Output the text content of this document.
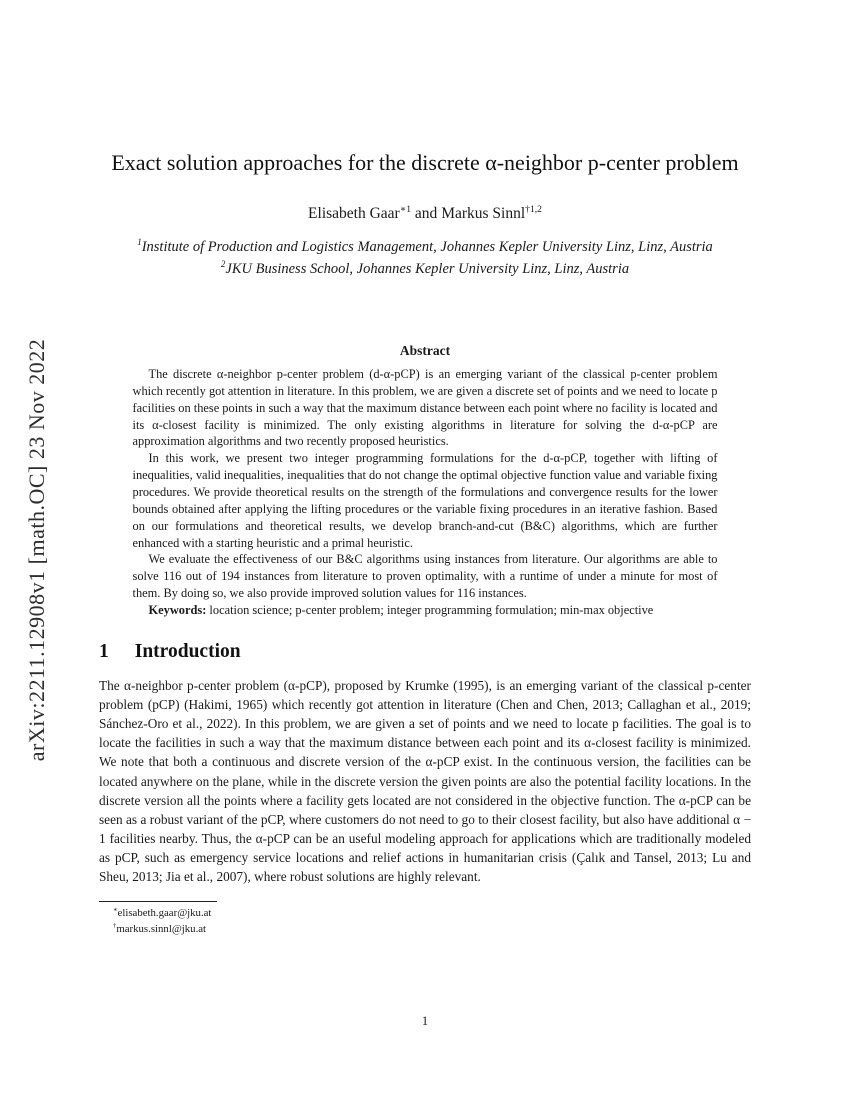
arXiv:2211.12908v1 [math.OC] 23 Nov 2022
Exact solution approaches for the discrete α-neighbor p-center problem
Elisabeth Gaar$^{∗1}$ and Markus Sinnl$^{\dagger 1,2}$
$^1$Institute of Production and Logistics Management, Johannes Kepler University Linz, Linz, Austria
$^2$JKU Business School, Johannes Kepler University Linz, Linz, Austria
Abstract

The discrete α-neighbor p-center problem (d-α-pCP) is an emerging variant of the classical p-center problem which recently got attention in literature. In this problem, we are given a discrete set of points and we need to locate p facilities on these points in such a way that the maximum distance between each point where no facility is located and its α-closest facility is minimized. The only existing algorithms in literature for solving the d-α-pCP are approximation algorithms and two recently proposed heuristics.

In this work, we present two integer programming formulations for the d-α-pCP, together with lifting of inequalities, valid inequalities, inequalities that do not change the optimal objective function value and variable fixing procedures. We provide theoretical results on the strength of the formulations and convergence results for the lower bounds obtained after applying the lifting procedures or the variable fixing procedures in an iterative fashion. Based on our formulations and theoretical results, we develop branch-and-cut (B&C) algorithms, which are further enhanced with a starting heuristic and a primal heuristic.

We evaluate the effectiveness of our B&C algorithms using instances from literature. Our algorithms are able to solve 116 out of 194 instances from literature to proven optimality, with a runtime of under a minute for most of them. By doing so, we also provide improved solution values for 116 instances.

Keywords: location science; p-center problem; integer programming formulation; min-max objective

1 Introduction

The α-neighbor p-center problem (α-pCP), proposed by Krumke (1995), is an emerging variant of the classical p-center problem (pCP) (Hakimi, 1965) which recently got attention in literature (Chen and Chen, 2013; Callaghan et al., 2019; Sánchez-Oro et al., 2022). In this problem, we are given a set of points and we need to locate p facilities. The goal is to locate the facilities in such a way that the maximum distance between each point and its α-closest facility is minimized. We note that both a continuous and discrete version of the α-pCP exist. In the continuous version, the facilities can be located anywhere on the plane, while in the discrete version the given points are also the potential facility locations. In the discrete version all the points where a facility gets located are not considered in the objective function. The α-pCP can be seen as a robust variant of the pCP, where customers do not need to go to their closest facility, but also have additional α − 1 facilities nearby. Thus, the α-pCP can be an useful modeling approach for applications which are traditionally modeled as pCP, such as emergency service locations and relief actions in humanitarian crisis (Çalık and Tansel, 2013; Lu and Sheu, 2013; Jia et al., 2007), where robust solutions are highly relevant.

∗elisabeth.gaar@jku.at
†markus.sinnl@jku.at
1
